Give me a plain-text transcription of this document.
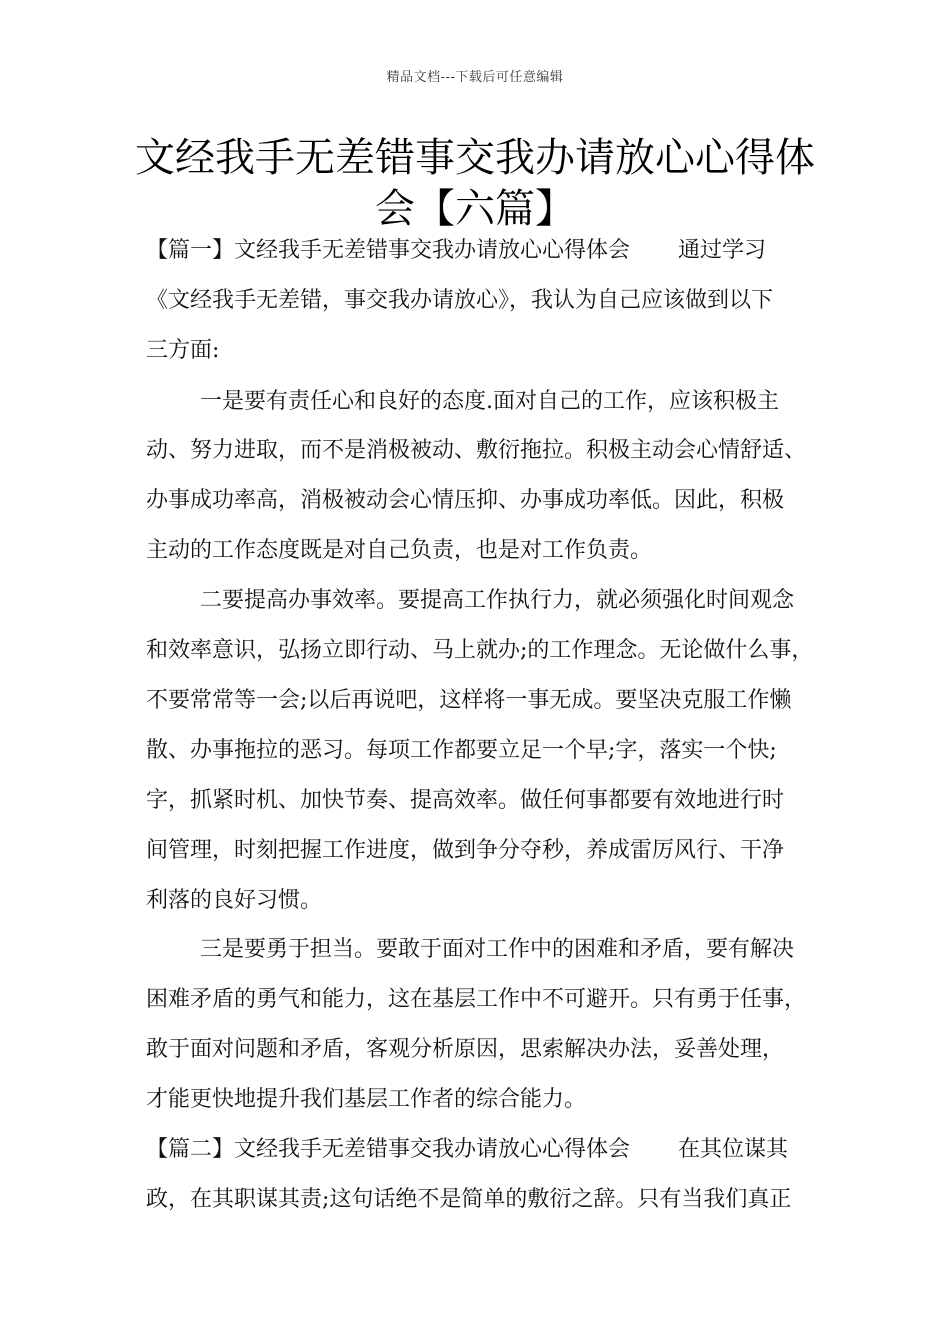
精品文档---下载后可任意编辑
文经我手无差错事交我办请放心心得体
会【六篇】
【篇一】文经我手无差错事交我办请放心心得体会 通过学习
《文经我手无差错，事交我办请放心》，我认为自己应该做到以下
三方面:
一是要有责任心和良好的态度.面对自己的工作，应该积极主
动、努力进取，而不是消极被动、敷衍拖拉。积极主动会心情舒适、
办事成功率高，消极被动会心情压抑、办事成功率低。因此，积极
主动的工作态度既是对自己负责，也是对工作负责。
二要提高办事效率。要提高工作执行力，就必须强化时间观念
和效率意识，弘扬立即行动、马上就办;的工作理念。无论做什么事，
不要常常等一会;以后再说吧，这样将一事无成。要坚决克服工作懒
散、办事拖拉的恶习。每项工作都要立足一个早;字，落实一个快;
字，抓紧时机、加快节奏、提高效率。做任何事都要有效地进行时
间管理，时刻把握工作进度，做到争分夺秒，养成雷厉风行、干净
利落的良好习惯。
三是要勇于担当。要敢于面对工作中的困难和矛盾，要有解决
困难矛盾的勇气和能力，这在基层工作中不可避开。只有勇于任事，
敢于面对问题和矛盾，客观分析原因，思索解决办法，妥善处理，
才能更快地提升我们基层工作者的综合能力。
【篇二】文经我手无差错事交我办请放心心得体会 在其位谋其
政，在其职谋其责;这句话绝不是简单的敷衍之辞。只有当我们真正
